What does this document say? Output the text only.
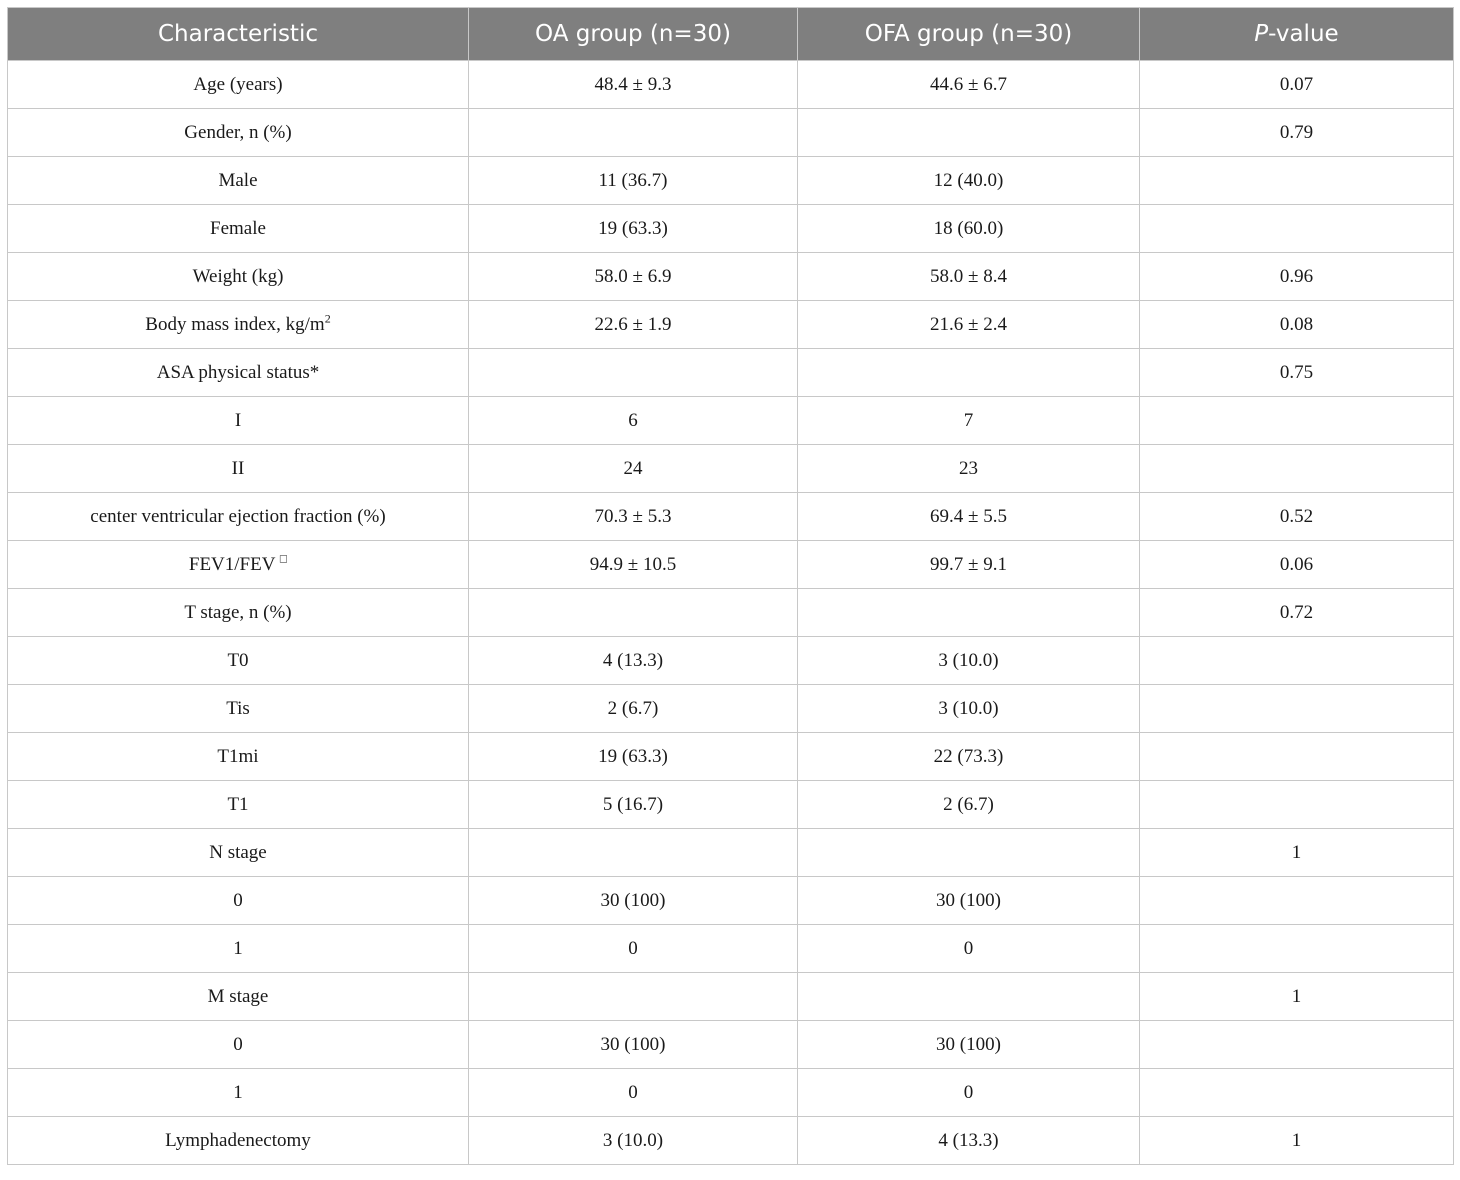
Characteristic	OA group (n=30)	OFA group (n=30)	P-value
Age (years)	48.4 ± 9.3	44.6 ± 6.7	0.07
Gender, n (%)			0.79
Male	11 (36.7)	12 (40.0)	
Female	19 (63.3)	18 (60.0)	
Weight (kg)	58.0 ± 6.9	58.0 ± 8.4	0.96
Body mass index, $kg/m^2$	22.6 ± 1.9	21.6 ± 2.4	0.08
ASA physical status*			0.75
I	6	7	
II	24	23	
center ventricular ejection fraction (%)	70.3 ± 5.3	69.4 ± 5.5	0.52
FEV1/FEV □	94.9 ± 10.5	99.7 ± 9.1	0.06
T stage, n (%)			0.72
T0	4 (13.3)	3 (10.0)	
Tis	2 (6.7)	3 (10.0)	
T1mi	19 (63.3)	22 (73.3)	
T1	5 (16.7)	2 (6.7)	
N stage			1
0	30 (100)	30 (100)	
1	0	0	
M stage			1
0	30 (100)	30 (100)	
1	0	0	
Lymphadenectomy	3 (10.0)	4 (13.3)	1
